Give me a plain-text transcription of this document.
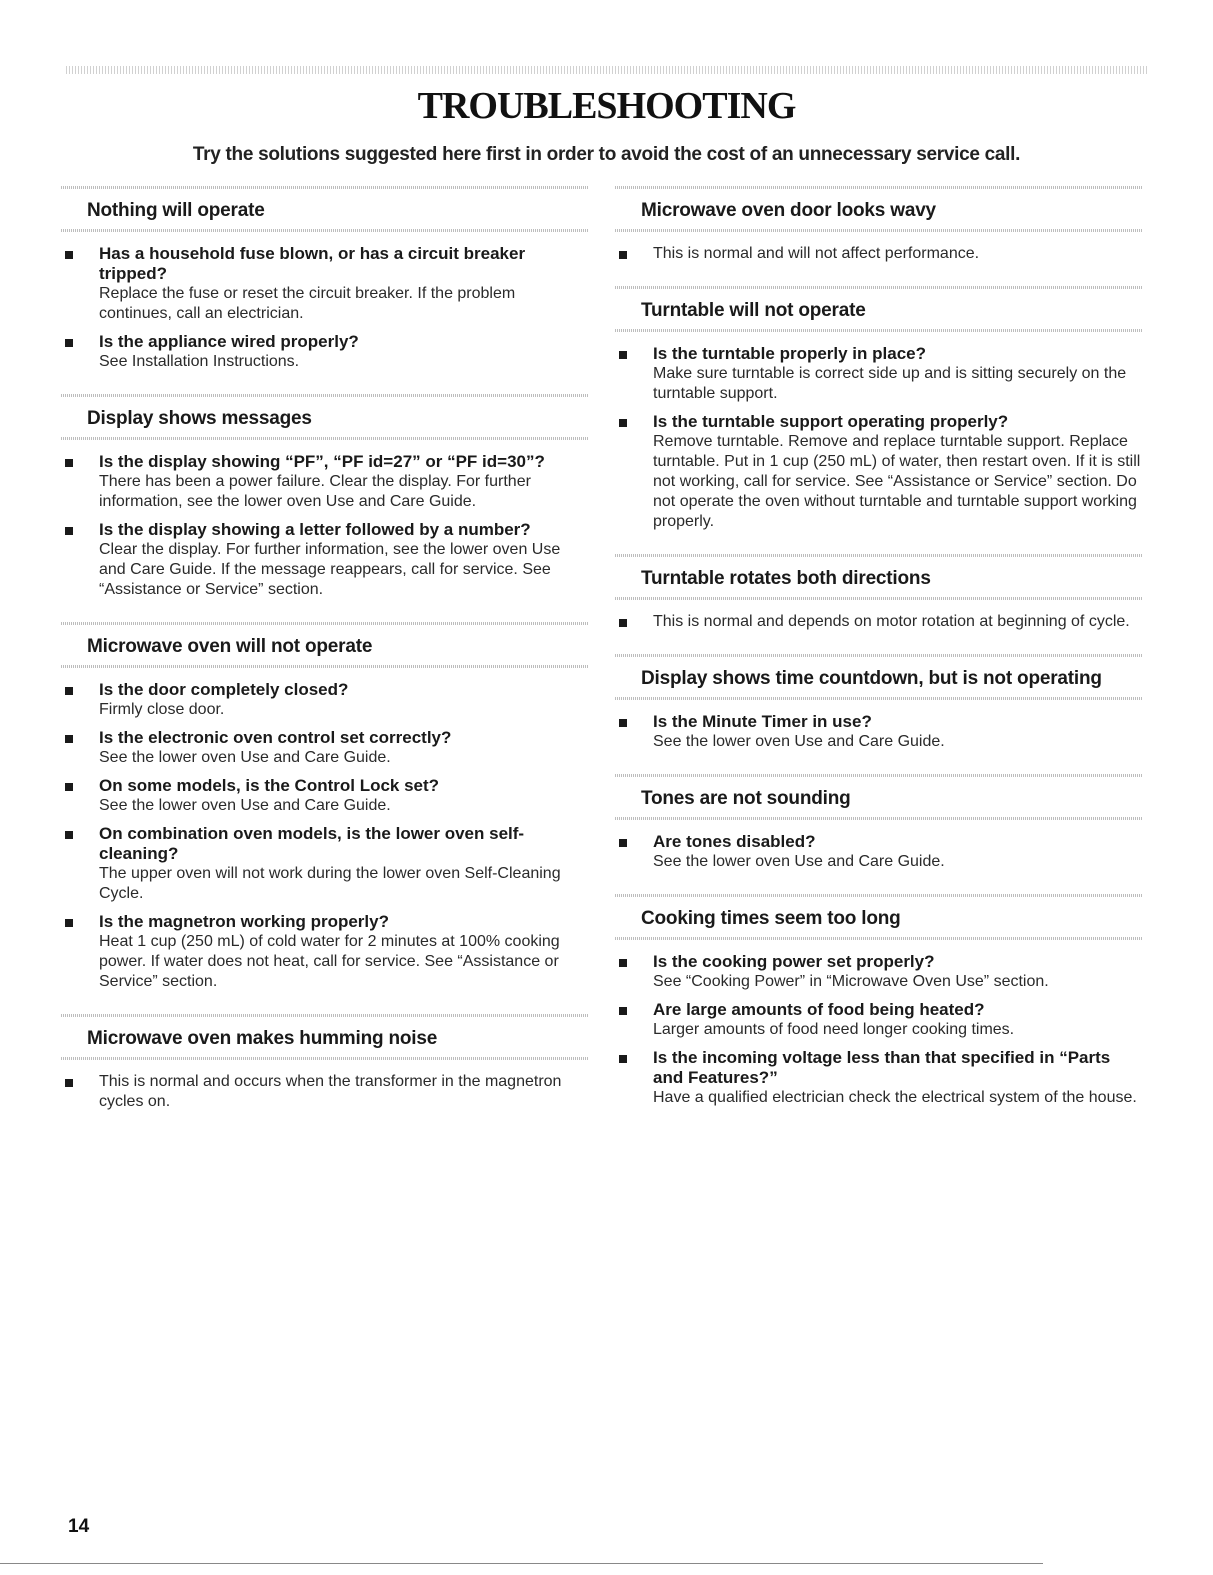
TROUBLESHOOTING
Try the solutions suggested here first in order to avoid the cost of an unnecessary service call.
Nothing will operate
Has a household fuse blown, or has a circuit breaker tripped?
Replace the fuse or reset the circuit breaker. If the problem continues, call an electrician.
Is the appliance wired properly?
See Installation Instructions.
Display shows messages
Is the display showing “PF”, “PF id=27” or “PF id=30”?
There has been a power failure. Clear the display. For further information, see the lower oven Use and Care Guide.
Is the display showing a letter followed by a number?
Clear the display. For further information, see the lower oven Use and Care Guide. If the message reappears, call for service. See “Assistance or Service” section.
Microwave oven will not operate
Is the door completely closed?
Firmly close door.
Is the electronic oven control set correctly?
See the lower oven Use and Care Guide.
On some models, is the Control Lock set?
See the lower oven Use and Care Guide.
On combination oven models, is the lower oven self-cleaning?
The upper oven will not work during the lower oven Self-Cleaning Cycle.
Is the magnetron working properly?
Heat 1 cup (250 mL) of cold water for 2 minutes at 100% cooking power. If water does not heat, call for service. See “Assistance or Service” section.
Microwave oven makes humming noise
This is normal and occurs when the transformer in the magnetron cycles on.
Microwave oven door looks wavy
This is normal and will not affect performance.
Turntable will not operate
Is the turntable properly in place?
Make sure turntable is correct side up and is sitting securely on the turntable support.
Is the turntable support operating properly?
Remove turntable. Remove and replace turntable support. Replace turntable. Put in 1 cup (250 mL) of water, then restart oven. If it is still not working, call for service. See “Assistance or Service” section. Do not operate the oven without turntable and turntable support working properly.
Turntable rotates both directions
This is normal and depends on motor rotation at beginning of cycle.
Display shows time countdown, but is not operating
Is the Minute Timer in use?
See the lower oven Use and Care Guide.
Tones are not sounding
Are tones disabled?
See the lower oven Use and Care Guide.
Cooking times seem too long
Is the cooking power set properly?
See “Cooking Power” in “Microwave Oven Use” section.
Are large amounts of food being heated?
Larger amounts of food need longer cooking times.
Is the incoming voltage less than that specified in “Parts and Features?”
Have a qualified electrician check the electrical system of the house.
14
